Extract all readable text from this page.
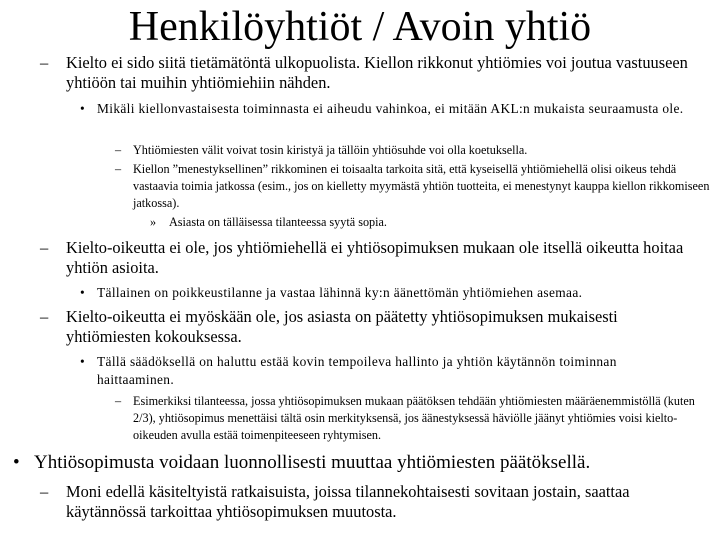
Henkilöyhtiöt / Avoin yhtiö
– Kielto ei sido siitä tietämätöntä ulkopuolista. Kiellon rikkonut yhtiömies voi joutua vastuuseen yhtiöön tai muihin yhtiömiehiin nähden.
• Mikäli kiellonvastaisesta toiminnasta ei aiheudu vahinkoa, ei mitään AKL:n mukaista seuraamusta ole.
– Yhtiömiesten välit voivat tosin kiristyä ja tällöin yhtiösuhde voi olla koetuksella.
– Kiellon ”menestyksellinen” rikkominen ei toisaalta tarkoita sitä, että kyseisellä yhtiömiehellä olisi oikeus tehdä vastaavia toimia jatkossa (esim., jos on kielletty myymästä yhtiön tuotteita, ei menestynyt kauppa kiellon rikkomiseen jatkossa).
» Asiasta on tälläisessa tilanteessa syytä sopia.
– Kielto-oikeutta ei ole, jos yhtiömiehellä ei yhtiösopimuksen mukaan ole itsellä oikeutta hoitaa yhtiön asioita.
• Tällainen on poikkeustilanne ja vastaa lähinnä ky:n äänettömän yhtiömiehen asemaa.
– Kielto-oikeutta ei myöskään ole, jos asiasta on päätetty yhtiösopimuksen mukaisesti yhtiömiesten kokouksessa.
• Tällä säädöksellä on haluttu estää kovin tempoileva hallinto ja yhtiön käytännön toiminnan haittaaminen.
– Esimerkiksi tilanteessa, jossa yhtiösopimuksen mukaan päätöksen tehdään yhtiömiesten määräenemmistöllä (kuten 2/3), yhtiösopimus menettäisi tältä osin merkityksensä, jos äänestyksessä häviölle jäänyt yhtiömies voisi kielto-oikeuden avulla estää toimenpiteeseen ryhtymisen.
• Yhtiösopimusta voidaan luonnollisesti muuttaa yhtiömiesten päätöksellä.
– Moni edellä käsiteltyistä ratkaisuista, joissa tilannekohtaisesti sovitaan jostain, saattaa käytännössä tarkoittaa yhtiösopimuksen muutosta.
